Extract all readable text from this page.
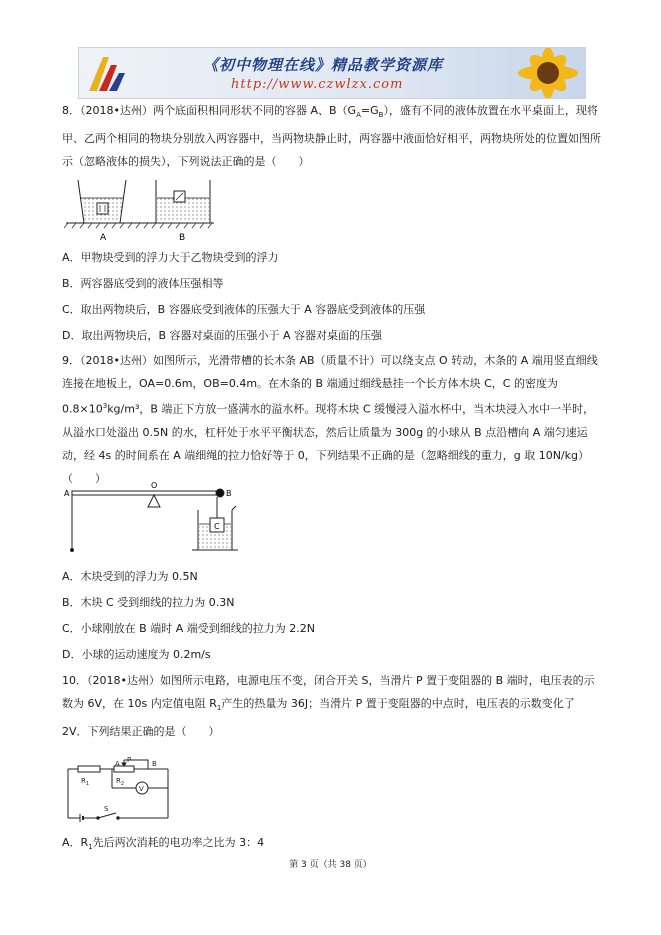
《初中物理在线》精品教学资源库
http://www.czwlzx.com

8．（2018•达州）两个底面积相同形状不同的容器 A、$B(G_A=G_B)$，盛有不同的液体放置在水平桌面上，现将甲、乙两个相同的物块分别放入两容器中，当两物块静止时，两容器中液面恰好相平，两物块所处的位置如图所示（忽略液体的损失），下列说法正确的是（　　）

A	B
A．甲物块受到的浮力大于乙物块受到的浮力
B．两容器底受到的液体压强相等
C．取出两物块后，B 容器底受到液体的压强大于 A 容器底受到液体的压强
D．取出两物块后，B 容器对桌面的压强小于 A 容器对桌面的压强

9．（2018•达州）如图所示，光滑带槽的长木条 AB（质量不计）可以绕支点 O 转动，木条的 A 端用竖直细线连接在地板上，OA=0.6m，OB=0.4m。在木条的 B 端通过细线悬挂一个长方体木块 C，C 的密度为 $0.8\times 10^3kg/m^3$，B 端正下方放一盛满水的溢水杯。现将木块 C 缓慢浸入溢水杯中，当木块浸入水中一半时，从溢水口处溢出 0.5N 的水，杠杆处于水平平衡状态，然后让质量为 300g 的小球从 B 点沿槽向 A 端匀速运动，经 4s 的时间系在 A 端细绳的拉力恰好等于 0，下列结果不正确的是（忽略细线的重力，g 取 10N/kg）（　　）

A
O
B
C
A．木块受到的浮力为 0.5N
B．木块 C 受到细线的拉力为 0.3N
C．小球刚放在 B 端时 A 端受到细线的拉力为 2.2N
D．小球的运动速度为 0.2m/s

10．（2018•达州）如图所示电路，电源电压不变，闭合开关 S，当滑片 P 置于变阻器的 B 端时，电压表的示数为 6V，在 10s 内定值电阻 $R_1$产生的热量为 36J；当滑片 P 置于变阻器的中点时，电压表的示数变化了 2V．下列结果正确的是（　　）

$R_1$	$R_2$
A P	B
V
S
A．$R_1$先后两次消耗的电功率之比为 3：4
第 3 页（共 38 页）
